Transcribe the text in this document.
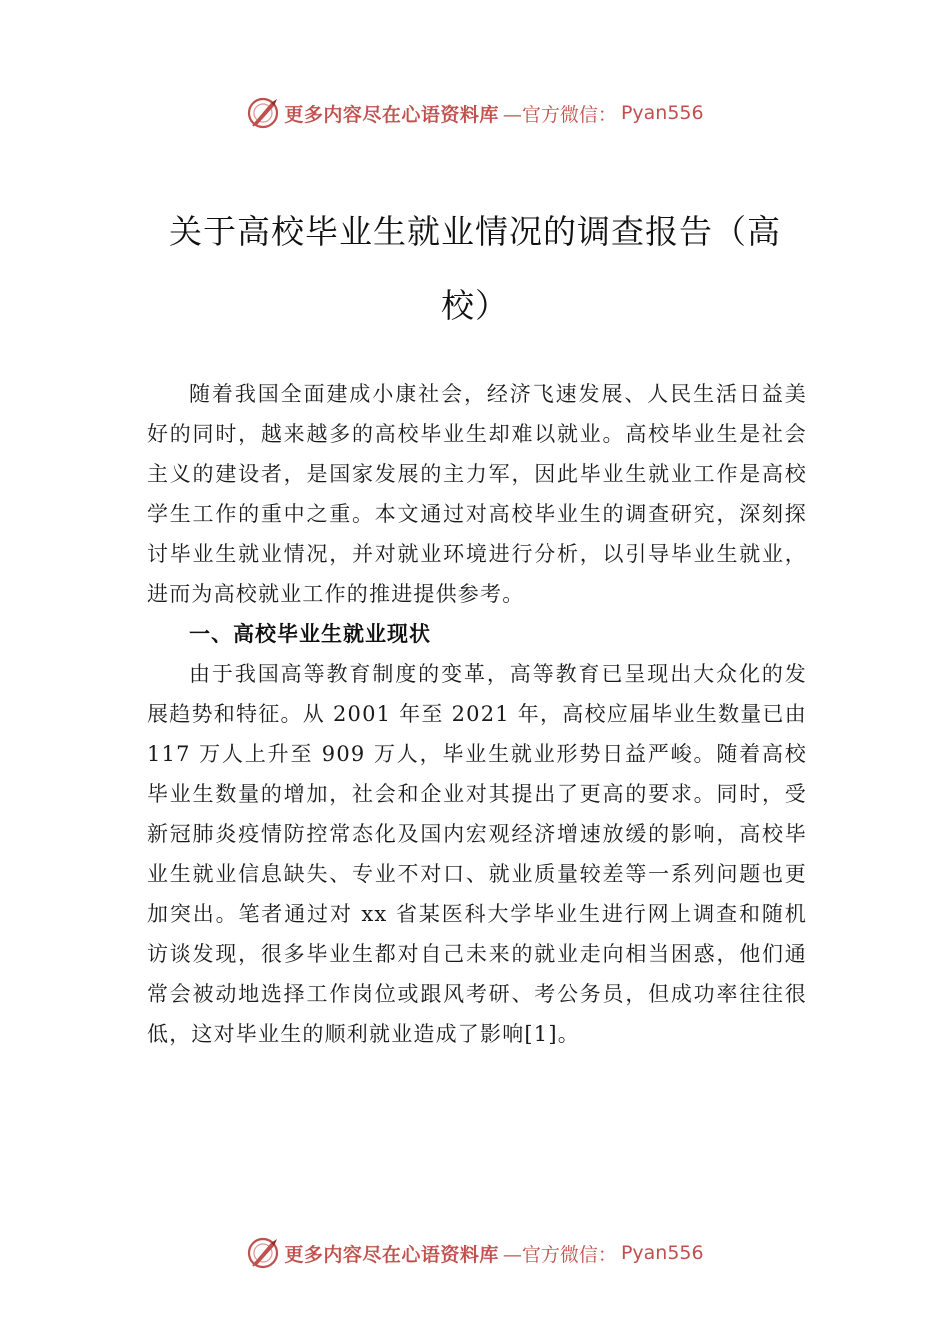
更多内容尽在心语资料库 —官方微信： Pyan556
关于高校毕业生就业情况的调查报告（高校）

随着我国全面建成小康社会，经济飞速发展、人民生活日益美好的同时，越来越多的高校毕业生却难以就业。高校毕业生是社会主义的建设者，是国家发展的主力军，因此毕业生就业工作是高校学生工作的重中之重。本文通过对高校毕业生的调查研究，深刻探讨毕业生就业情况，并对就业环境进行分析，以引导毕业生就业，进而为高校就业工作的推进提供参考。

一、高校毕业生就业现状

由于我国高等教育制度的变革，高等教育已呈现出大众化的发展趋势和特征。从 2001 年至 2021 年，高校应届毕业生数量已由 117 万人上升至 909 万人，毕业生就业形势日益严峻。随着高校毕业生数量的增加，社会和企业对其提出了更高的要求。同时，受新冠肺炎疫情防控常态化及国内宏观经济增速放缓的影响，高校毕业生就业信息缺失、专业不对口、就业质量较差等一系列问题也更加突出。笔者通过对 xx 省某医科大学毕业生进行网上调查和随机访谈发现，很多毕业生都对自己未来的就业走向相当困惑，他们通常会被动地选择工作岗位或跟风考研、考公务员，但成功率往往很低，这对毕业生的顺利就业造成了影响[1]。

更多内容尽在心语资料库 —官方微信： Pyan556
